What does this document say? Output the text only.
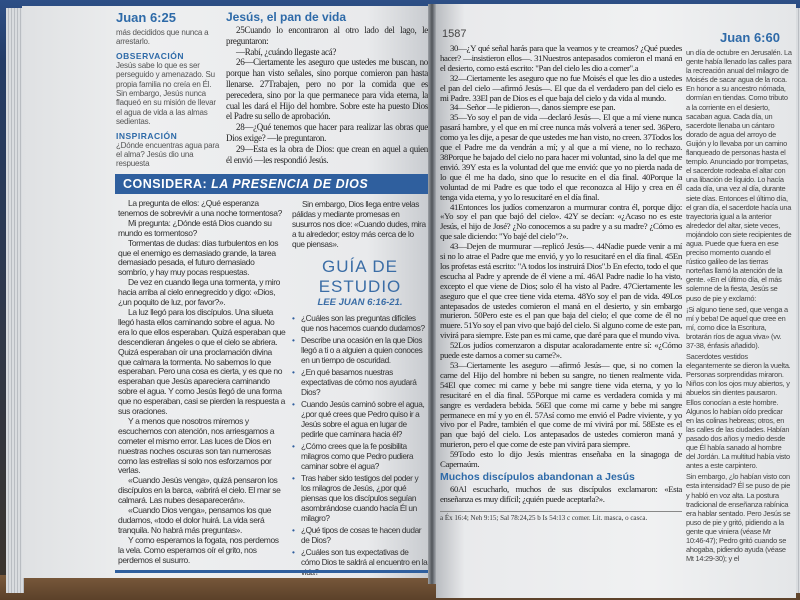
Juan 6:25
más decididos que nunca a arrestarlo.
OBSERVACIÓN
Jesús sabe lo que es ser perseguido y amenazado. Su propia familia no creía en Él. Sin embargo, Jesús nunca flaqueó en su misión de llevar el agua de vida a las almas sedientas.
INSPIRACIÓN
¿Dónde encuentras agua para el alma? Jesús dio una respuesta
Jesús, el pan de vida

25Cuando lo encontraron al otro lado del lago, le preguntaron:

—Rabí, ¿cuándo llegaste acá?

26—Ciertamente les aseguro que ustedes me buscan, no porque han visto señales, sino porque comieron pan hasta llenarse. 27Trabajen, pero no por la comida que es perecedera, sino por la que permanece para vida eterna, la cual les dará el Hijo del hombre. Sobre este ha puesto Dios el Padre su sello de aprobación.

28—¿Qué tenemos que hacer para realizar las obras que Dios exige? —le preguntaron.

29—Esta es la obra de Dios: que crean en aquel a quien él envió —les respondió Jesús.

CONSIDERA: LA PRESENCIA DE DIOS

La pregunta de ellos: ¿Qué esperanza tenemos de sobrevivir a una noche tormentosa?

Mi pregunta: ¿Dónde está Dios cuando su mundo es tormentoso?

Tormentas de dudas: días turbulentos en los que el enemigo es demasiado grande, la tarea demasiado pesada, el futuro demasiado sombrío, y hay muy pocas respuestas.

De vez en cuando llega una tormenta, y miro hacia arriba al cielo ennegrecido y digo: «Dios, ¿un poquito de luz, por favor?».

La luz llegó para los discípulos. Una silueta llegó hasta ellos caminando sobre el agua. No era lo que ellos esperaban. Quizá esperaban que descendieran ángeles o que el cielo se abriera. Quizá esperaban oír una proclamación divina que calmara la tormenta. No sabemos lo que esperaban. Pero una cosa es cierta, y es que no esperaban que Jesús apareciera caminando sobre el agua. Y como Jesús llegó de una forma que no esperaban, casi se pierden la respuesta a sus oraciones.

Y a menos que nosotros miremos y escuchemos con atención, nos arriesgamos a cometer el mismo error. Las luces de Dios en nuestras noches oscuras son tan numerosas como las estrellas si solo nos esforzamos por verlas.

«Cuando Jesús venga», quizá pensaron los discípulos en la barca, «abrirá el cielo. El mar se calmará. Las nubes desaparecerán».

«Cuando Dios venga», pensamos los que dudamos, «todo el dolor huirá. La vida será tranquila. No habrá más preguntas».

Y como esperamos la fogata, nos perdemos la vela. Como esperamos oír el grito, nos perdemos el susurro.

Sin embargo, Dios llega entre velas pálidas y mediante promesas en susurros nos dice: «Cuando dudes, mira a tu alrededor; estoy más cerca de lo que piensas».

GUÍA DE ESTUDIO
LEE JUAN 6:16-21.
• ¿Cuáles son las preguntas difíciles que nos hacemos cuando dudamos?
• Describe una ocasión en la que Dios llegó a ti o a alguien a quien conoces en un tiempo de oscuridad.
• ¿En qué basamos nuestras expectativas de cómo nos ayudará Dios?
• Cuando Jesús caminó sobre el agua, ¿por qué crees que Pedro quiso ir a Jesús sobre el agua en lugar de pedirle que caminara hacia él?
• ¿Cómo crees que la fe posibilita milagros como que Pedro pudiera caminar sobre el agua?
• Tras haber sido testigos del poder y los milagros de Jesús, ¿por qué piensas que los discípulos seguían asombrándose cuando hacía Él un milagro?
• ¿Qué tipos de cosas te hacen dudar de Dios?
• ¿Cuáles son tus expectativas de cómo Dios te saldrá al encuentro en la
1587	Juan 6:60

30—¿Y qué señal harás para que la veamos y te creamos? ¿Qué puedes hacer? —insistieron ellos—. 31Nuestros antepasados comieron el maná en el desierto, como está escrito: "Pan del cielo les dio a comer".a

32—Ciertamente les aseguro que no fue Moisés el que les dio a ustedes el pan del cielo —afirmó Jesús—. El que da el verdadero pan del cielo es mi Padre. 33El pan de Dios es el que baja del cielo y da vida al mundo.

34—Señor —le pidieron—, danos siempre ese pan.

35—Yo soy el pan de vida —declaró Jesús—. El que a mí viene nunca pasará hambre, y el que en mí cree nunca más volverá a tener sed. 36Pero, como ya les dije, a pesar de que ustedes me han visto, no creen. 37Todos los que el Padre me da vendrán a mí; y al que a mí viene, no lo rechazo. 38Porque he bajado del cielo no para hacer mi voluntad, sino la del que me envió. 39Y esta es la voluntad del que me envió: que yo no pierda nada de lo que él me ha dado, sino que lo resucite en el día final. 40Porque la voluntad de mi Padre es que todo el que reconozca al Hijo y crea en él tenga vida eterna, y yo lo resucitaré en el día final.

41Entonces los judíos comenzaron a murmurar contra él, porque dijo: «Yo soy el pan que bajó del cielo». 42Y se decían: «¿Acaso no es este Jesús, el hijo de José? ¿No conocemos a su padre y a su madre? ¿Cómo es que sale diciendo: "Yo bajé del cielo"?».

43—Dejen de murmurar —replicó Jesús—. 44Nadie puede venir a mí si no lo atrae el Padre que me envió, y yo lo resucitaré en el día final. 45En los profetas está escrito: "A todos los instruirá Dios".b En efecto, todo el que escucha al Padre y aprende de él viene a mí. 46Al Padre nadie lo ha visto, excepto el que viene de Dios; solo él ha visto al Padre. 47Ciertamente les aseguro que el que cree tiene vida eterna. 48Yo soy el pan de vida. 49Los antepasados de ustedes comieron el maná en el desierto, y sin embargo murieron. 50Pero este es el pan que baja del cielo; el que come de él no muere. 51Yo soy el pan vivo que bajó del cielo. Si alguno come de este pan, vivirá para siempre. Este pan es mi carne, que daré para que el mundo viva.

52Los judíos comenzaron a disputar acaloradamente entre sí: «¿Cómo puede este darnos a comer su carne?».

53—Ciertamente les aseguro —afirmó Jesús— que, si no comen la carne del Hijo del hombre ni beben su sangre, no tienen realmente vida. 54El que comec mi carne y bebe mi sangre tiene vida eterna, y yo lo resucitaré en el día final. 55Porque mi carne es verdadera comida y mi sangre es verdadera bebida. 56El que come mi carne y bebe mi sangre permanece en mí y yo en él. 57Así como me envió el Padre viviente, y yo vivo por el Padre, también el que come de mí vivirá por mí. 58Este es el pan que bajó del cielo. Los antepasados de ustedes comieron maná y murieron, pero el que come de este pan vivirá para siempre.

59Todo esto lo dijo Jesús mientras enseñaba en la sinagoga de Capernaúm.

Muchos discípulos abandonan a Jesús

60Al escucharlo, muchos de sus discípulos exclamaron: «Esta enseñanza es muy difícil; ¿quién puede aceptarla?».

a Éx 16:4; Neh 9:15; Sal 78:24,25 b Is 54:13 c comer. Lit. masca, o casca.

un día de octubre en Jerusalén. La gente había llenado las calles para la recreación anual del milagro de Moisés de sacar agua de la roca. En honor a su ancestro nómada, dormían en tiendas. Como tributo a la corriente en el desierto, sacaban agua. Cada día, un sacerdote llenaba un cántaro dorado de agua del arroyo de Guijón y lo llevaba por un camino flanqueado de personas hasta el templo. Anunciado por trompetas, el sacerdote rodeaba el altar con una libación de líquido. Lo hacía cada día, una vez al día, durante siete días. Entonces el último día, el gran día, el sacerdote hacía una trayectoria igual a la anterior alrededor del altar, siete veces, mojándolo con siete recipientes de agua. Puede que fuera en ese preciso momento cuando el rústico galileo de las tierras norteñas llamó la atención de la gente. «En el último día, el más solemne de la fiesta, Jesús se puso de pie y exclamó:

¡Si alguno tiene sed, que venga a mí y beba! De aquel que cree en mí, como dice la Escritura, brotarán ríos de agua viva» (vv. 37-38, énfasis añadido).

Sacerdotes vestidos elegantemente se dieron la vuelta. Personas sorprendidas miraron. Niños con los ojos muy abiertos, y abuelos sin dientes pausaron. Ellos conocían a este hombre. Algunos lo habían oído predicar en las colinas hebreas; otros, en las calles de las ciudades. Habían pasado dos años y medio desde que Él había sanado al hombre del Jordán. La multitud había visto antes a este carpintero.

Sin embargo, ¿lo habían visto con esta intensidad? Él se puso de pie y habló en voz alta. La postura tradicional de enseñanza rabínica era hablar sentado. Pero Jesús se puso de pie y gritó, pidiendo a la gente que viniera (véase Mr 10:46-47); Pedro gritó cuando se ahogaba, pidiendo ayuda (véase Mt 14:29-30); y el
